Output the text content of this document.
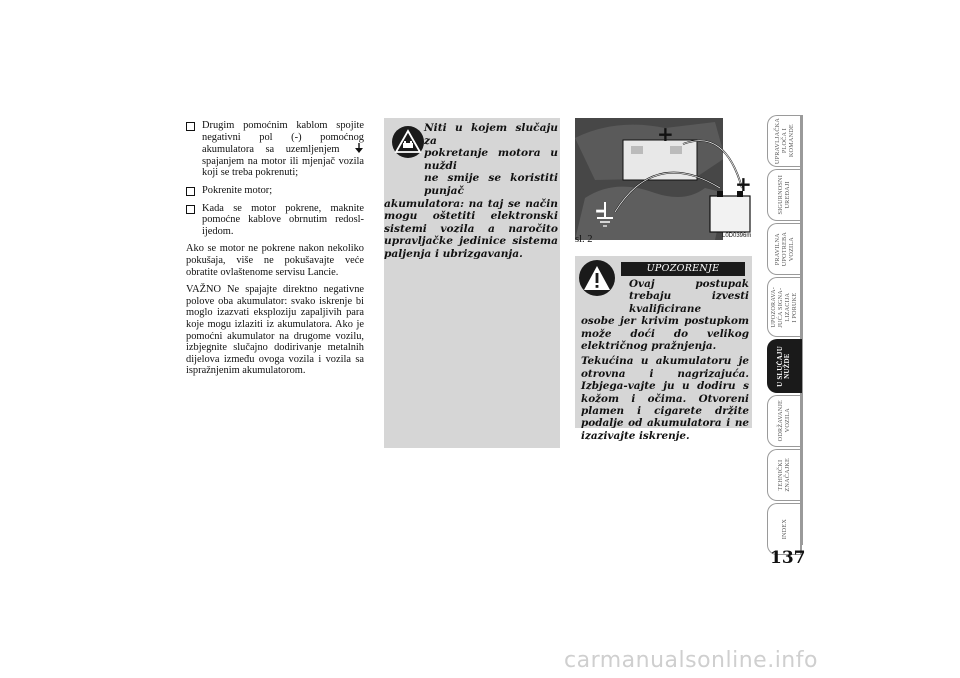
Drugim pomoćnim kablom spojite negativni pol (-) pomoćnog akumulatora sa uzemljenjem  spajanjem na motor ili mjenjač vozila koji se treba pokrenuti;
Pokrenite motor;
Kada se motor pokrene, maknite pomoćne kablove obrnutim redosl-ijedom.

Ako se motor ne pokrene nakon nekoliko pokušaja, više ne pokušavajte veće obratite ovlaštenome servisu Lancie.

VAŽNO Ne spajajte direktno negativne polove oba akumulator: svako iskrenje bi moglo izazvati eksploziju zapaljivih para koje mogu izlaziti iz akumulatora. Ako je pomoćni akumulator na drugome vozilu, izbjegnite slučajno dodirivanje metalnih dijelova između ovoga vozila i vozila sa ispražnjenim akumulatorom.

Niti u kojem slučaju za
pokretanje motora u nuždi
ne smije se koristiti punjač
akumulatora: na taj se način mogu oštetiti elektronski sistemi vozila a naročito upravljačke jedinice sistema paljenja i ubrizgavanja.
+
+
–
sl. 2	L0D0396m
UPOZORENJE

Ovaj postupak trebaju izvesti kvalificirane
osobe jer krivim postupkom može doći do velikog električnog pražnjenja.

Tekućina u akumulatoru je otrovna i nagrizajuća. Izbjega-vajte ju u dodiru s kožom i očima. Otvoreni plamen i cigarete držite podalje od akumulatora i ne izazivajte iskrenje.

UPRAVLJAČKA
PLOČA I
KOMANDE
SIGURNOSNI
UREĐAJI
PRAVILNA
UPOTREBA
VOZILA
UPOZORAVA-
JUĆA SIGNA-
LIZACIJA
I PORUKE
U SLUČAJU
NUŽDE
ODRŽAVANJE
VOZILA
TEHNIČKI
ZNAČAJKE
INDEX
137
carmanualsonline.info
